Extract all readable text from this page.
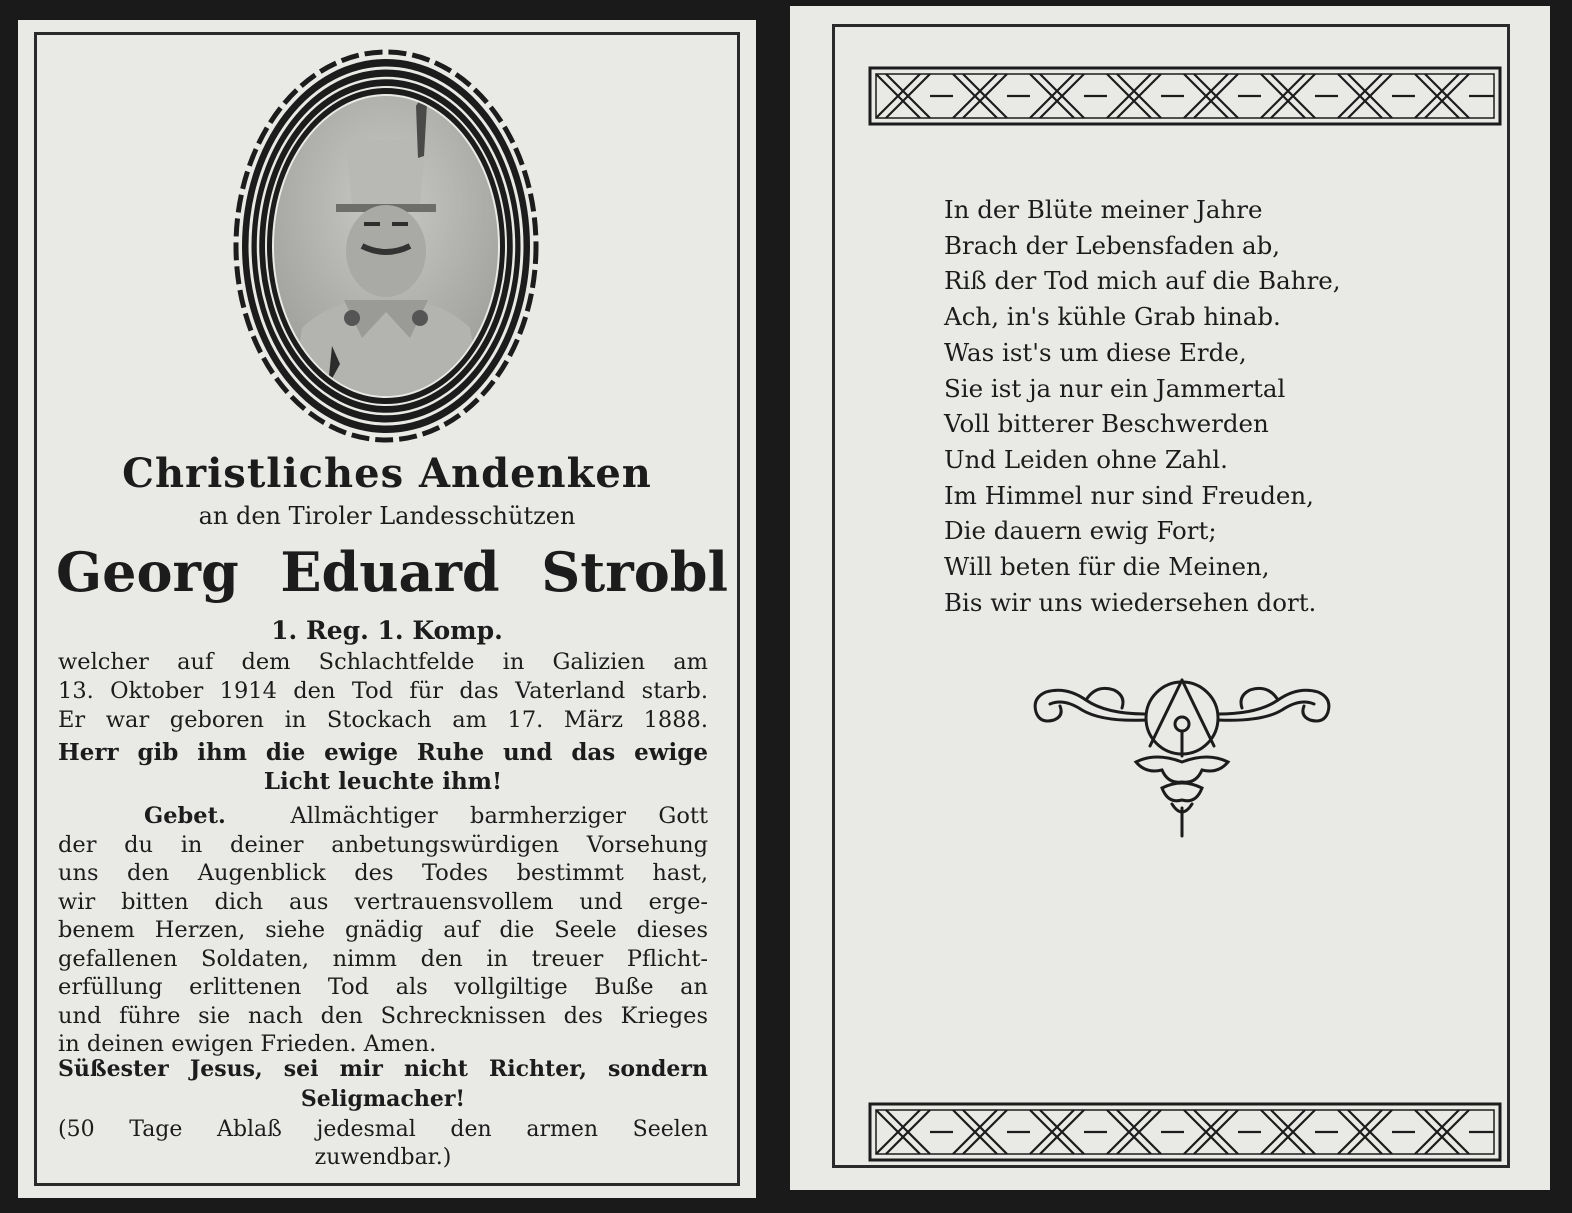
Christliches Andenken
an den Tiroler Landesschützen
Georg Eduard Strobl
1. Reg. 1. Komp.
welcher auf dem Schlachtfelde in Galizien am
13. Oktober 1914 den Tod für das Vaterland starb.
Er war geboren in Stockach am 17. März 1888.
Herr gib ihm die ewige Ruhe und das ewige
Licht leuchte ihm!
Gebet.	Allmächtiger barmherziger Gott
der du in deiner anbetungswürdigen Vorsehung
uns den Augenblick des Todes bestimmt hast,
wir bitten dich aus vertrauensvollem und erge-
benem Herzen, siehe gnädig auf die Seele dieses
gefallenen Soldaten, nimm den in treuer Pflicht-
erfüllung erlittenen Tod als vollgiltige Buße an
und führe sie nach den Schrecknissen des Krieges
in deinen ewigen Frieden. Amen.
Süßester Jesus, sei mir nicht Richter, sondern
Seligmacher!
(50 Tage Ablaß jedesmal den armen Seelen
zuwendbar.)
In der Blüte meiner Jahre
Brach der Lebensfaden ab,
Riß der Tod mich auf die Bahre,
Ach, in's kühle Grab hinab.
Was ist's um diese Erde,
Sie ist ja nur ein Jammertal
Voll bitterer Beschwerden
Und Leiden ohne Zahl.
Im Himmel nur sind Freuden,
Die dauern ewig Fort;
Will beten für die Meinen,
Bis wir uns wiedersehen dort.
